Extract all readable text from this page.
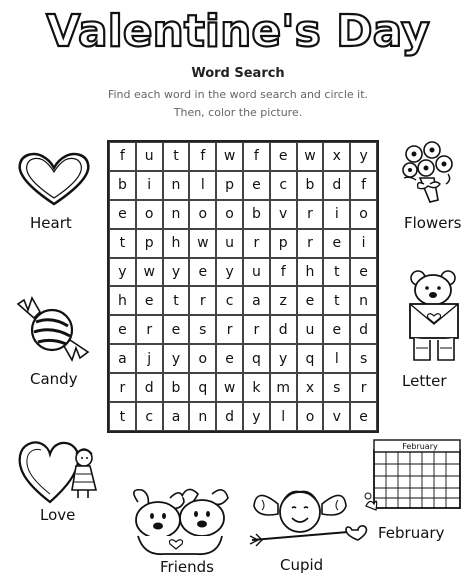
Valentine's Day
Word Search
Find each word in the word search and circle it.
Then, color the picture.
f	u	t	f	w	f	e	w	x	y
b	i	n	l	p	e	c	b	d	f
e	o	n	o	o	b	v	r	i	o
t	p	h	w	u	r	p	r	e	i
y	w	y	e	y	u	f	h	t	e
h	e	t	r	c	a	z	e	t	n
e	r	e	s	r	r	d	u	e	d
a	j	y	o	e	q	y	q	l	s
r	d	b	q	w	k	m	x	s	r
t	c	a	n	d	y	l	o	v	e
Heart	Flowers
Candy	Letter
Love
Friends	Cupid
February
February
